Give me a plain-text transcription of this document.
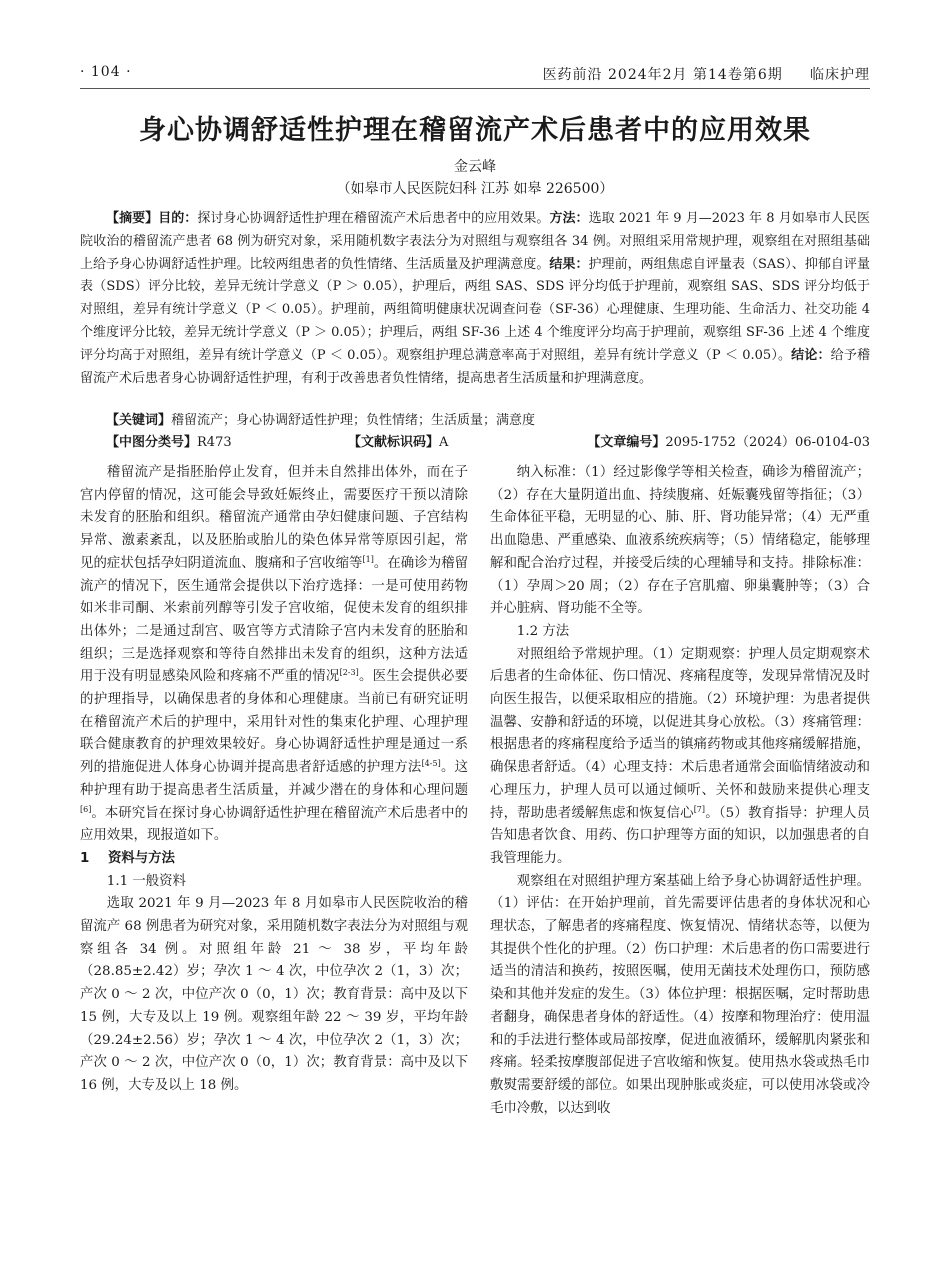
· 104 ·	医药前沿 2024年2月 第14卷第6期 临床护理
身心协调舒适性护理在稽留流产术后患者中的应用效果
金云峰
（如皋市人民医院妇科 江苏 如皋 226500）
【摘要】目的：探讨身心协调舒适性护理在稽留流产术后患者中的应用效果。方法：选取 2021 年 9 月—2023 年 8 月如皋市人民医院收治的稽留流产患者 68 例为研究对象，采用随机数字表法分为对照组与观察组各 34 例。对照组采用常规护理，观察组在对照组基础上给予身心协调舒适性护理。比较两组患者的负性情绪、生活质量及护理满意度。结果：护理前，两组焦虑自评量表（SAS）、抑郁自评量表（SDS）评分比较，差异无统计学意义（P ＞ 0.05），护理后，两组 SAS、SDS 评分均低于护理前，观察组 SAS、SDS 评分均低于对照组，差异有统计学意义（P ＜ 0.05）。护理前，两组简明健康状况调查问卷（SF-36）心理健康、生理功能、生命活力、社交功能 4 个维度评分比较，差异无统计学意义（P ＞ 0.05）；护理后，两组 SF-36 上述 4 个维度评分均高于护理前，观察组 SF-36 上述 4 个维度评分均高于对照组，差异有统计学意义（P ＜ 0.05）。观察组护理总满意率高于对照组，差异有统计学意义（P ＜ 0.05）。结论：给予稽留流产术后患者身心协调舒适性护理，有利于改善患者负性情绪，提高患者生活质量和护理满意度。
【关键词】稽留流产；身心协调舒适性护理；负性情绪；生活质量；满意度
【中图分类号】R473	【文献标识码】A	【文章编号】2095-1752（2024）06-0104-03

稽留流产是指胚胎停止发育，但并未自然排出体外，而在子宫内停留的情况，这可能会导致妊娠终止，需要医疗干预以清除未发育的胚胎和组织。稽留流产通常由孕妇健康问题、子宫结构异常、激素紊乱，以及胚胎或胎儿的染色体异常等原因引起，常见的症状包括孕妇阴道流血、腹痛和子宫收缩等[1]。在确诊为稽留流产的情况下，医生通常会提供以下治疗选择：一是可使用药物如米非司酮、米索前列醇等引发子宫收缩，促使未发育的组织排出体外；二是通过刮宫、吸宫等方式清除子宫内未发育的胚胎和组织；三是选择观察和等待自然排出未发育的组织，这种方法适用于没有明显感染风险和疼痛不严重的情况[2-3]。医生会提供必要的护理指导，以确保患者的身体和心理健康。当前已有研究证明在稽留流产术后的护理中，采用针对性的集束化护理、心理护理联合健康教育的护理效果较好。身心协调舒适性护理是通过一系列的措施促进人体身心协调并提高患者舒适感的护理方法[4-5]。这种护理有助于提高患者生活质量，并减少潜在的身体和心理问题[6]。本研究旨在探讨身心协调舒适性护理在稽留流产术后患者中的应用效果，现报道如下。

1 资料与方法

1.1 一般资料

选取 2021 年 9 月—2023 年 8 月如皋市人民医院收治的稽留流产 68 例患者为研究对象，采用随机数字表法分为对照组与观察组各 34 例。对照组年龄 21 ～ 38 岁，平均年龄（28.85±2.42）岁；孕次 1 ～ 4 次，中位孕次 2（1，3）次；产次 0 ～ 2 次，中位产次 0（0，1）次；教育背景：高中及以下 15 例，大专及以上 19 例。观察组年龄 22 ～ 39 岁，平均年龄（29.24±2.56）岁；孕次 1 ～ 4 次，中位孕次 2（1，3）次；产次 0 ～ 2 次，中位产次 0（0，1）次；教育背景：高中及以下 16 例，大专及以上 18 例。

纳入标准：（1）经过影像学等相关检查，确诊为稽留流产；（2）存在大量阴道出血、持续腹痛、妊娠囊残留等指征；（3）生命体征平稳，无明显的心、肺、肝、肾功能异常；（4）无严重出血隐患、严重感染、血液系统疾病等；（5）情绪稳定，能够理解和配合治疗过程，并接受后续的心理辅导和支持。排除标准：（1）孕周＞20 周；（2）存在子宫肌瘤、卵巢囊肿等；（3）合并心脏病、肾功能不全等。

1.2 方法

对照组给予常规护理。（1）定期观察：护理人员定期观察术后患者的生命体征、伤口情况、疼痛程度等，发现异常情况及时向医生报告，以便采取相应的措施。（2）环境护理：为患者提供温馨、安静和舒适的环境，以促进其身心放松。（3）疼痛管理：根据患者的疼痛程度给予适当的镇痛药物或其他疼痛缓解措施，确保患者舒适。（4）心理支持：术后患者通常会面临情绪波动和心理压力，护理人员可以通过倾听、关怀和鼓励来提供心理支持，帮助患者缓解焦虑和恢复信心[7]。（5）教育指导：护理人员告知患者饮食、用药、伤口护理等方面的知识，以加强患者的自我管理能力。

观察组在对照组护理方案基础上给予身心协调舒适性护理。（1）评估：在开始护理前，首先需要评估患者的身体状况和心理状态，了解患者的疼痛程度、恢复情况、情绪状态等，以便为其提供个性化的护理。（2）伤口护理：术后患者的伤口需要进行适当的清洁和换药，按照医嘱，使用无菌技术处理伤口，预防感染和其他并发症的发生。（3）体位护理：根据医嘱，定时帮助患者翻身，确保患者身体的舒适性。（4）按摩和物理治疗：使用温和的手法进行整体或局部按摩，促进血液循环，缓解肌肉紧张和疼痛。轻柔按摩腹部促进子宫收缩和恢复。使用热水袋或热毛巾敷熨需要舒缓的部位。如果出现肿胀或炎症，可以使用冰袋或冷毛巾冷敷，以达到收
